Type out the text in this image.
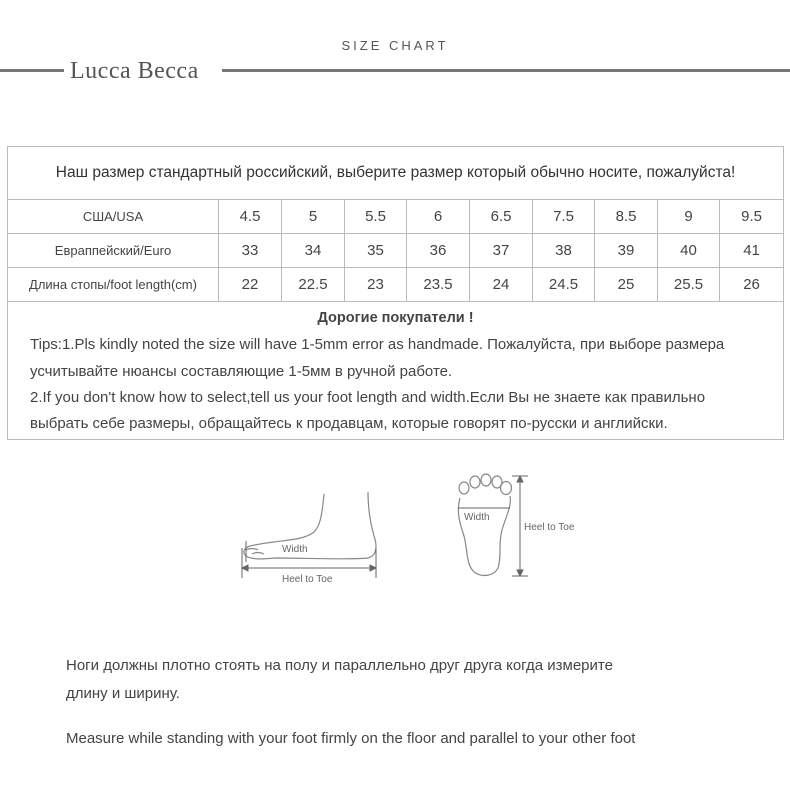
SIZE CHART
Lucca Becca
Наш размер стандартный российский, выберите размер который обычно носите, пожалуйста!									
США/USA	4.5	5	5.5	6	6.5	7.5	8.5	9	9.5
Евраппейский/Euro	33	34	35	36	37	38	39	40	41
Длина стопы/foot length(cm)	22	22.5	23	23.5	24	24.5	25	25.5	26

Дорогие покупатели !
Tips:1.Pls kindly noted the size will have 1-5mm error as handmade. Пожалуйста, при выборе размера
усчитывайте нюансы составляющие 1-5мм в ручной работе.
2.If you don't know how to select,tell us your foot length and width.Если Вы не знаете как правильно
выбрать себе размеры, обращайтесь к продавцам, которые говорят по-русски и английски.									
Width
Heel to Toe
Width
Heel to Toe
Ноги должны плотно стоять на полу и параллельно друг друга когда измерите
длину и ширину.
Measure while standing with your foot firmly on the floor and parallel to your other foot
